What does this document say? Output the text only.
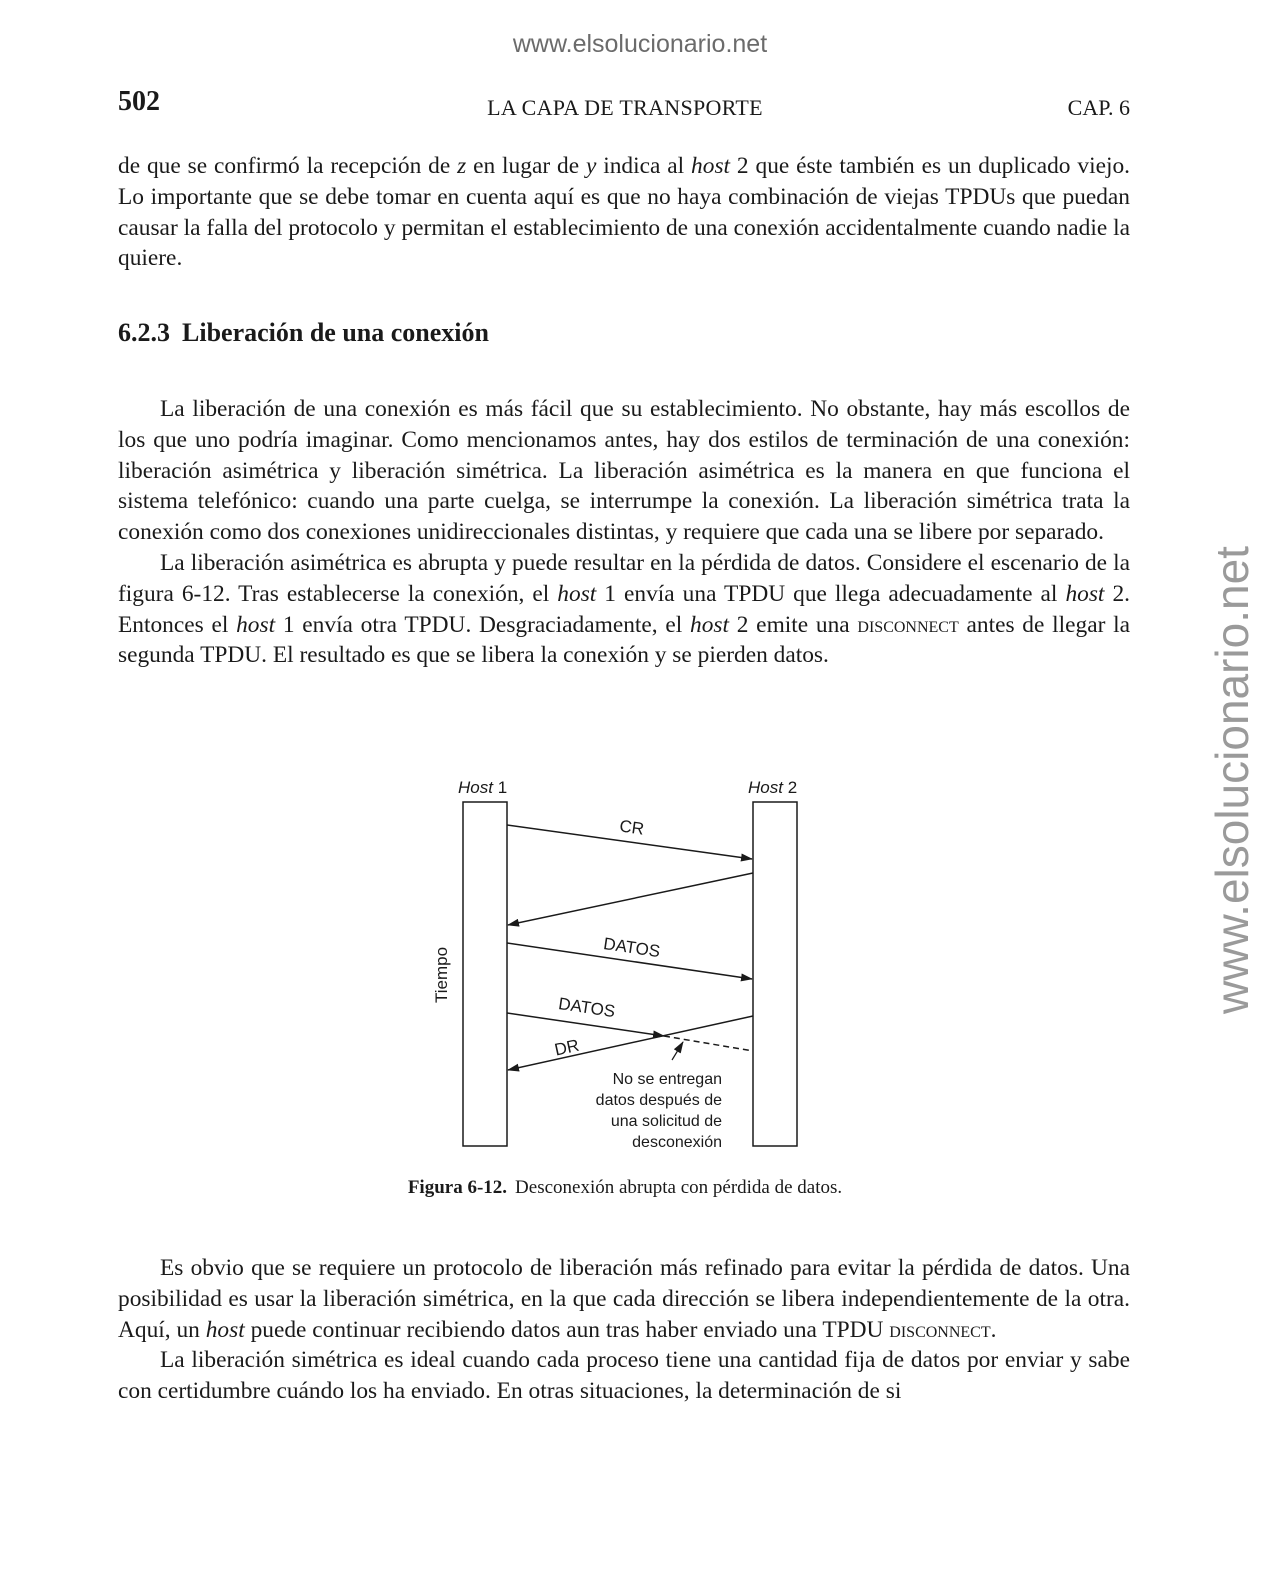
www.elsolucionario.net
www.elsolucionario.net
502	LA CAPA DE TRANSPORTE	CAP. 6

de que se confirmó la recepción de z en lugar de y indica al host 2 que éste también es un duplicado viejo. Lo importante que se debe tomar en cuenta aquí es que no haya combinación de viejas TPDUs que puedan causar la falla del protocolo y permitan el establecimiento de una conexión accidentalmente cuando nadie la quiere.

6.2.3 Liberación de una conexión

La liberación de una conexión es más fácil que su establecimiento. No obstante, hay más escollos de los que uno podría imaginar. Como mencionamos antes, hay dos estilos de terminación de una conexión: liberación asimétrica y liberación simétrica. La liberación asimétrica es la manera en que funciona el sistema telefónico: cuando una parte cuelga, se interrumpe la conexión. La liberación simétrica trata la conexión como dos conexiones unidireccionales distintas, y requiere que cada una se libere por separado.

La liberación asimétrica es abrupta y puede resultar en la pérdida de datos. Considere el escenario de la figura 6-12. Tras establecerse la conexión, el host 1 envía una TPDU que llega adecuadamente al host 2. Entonces el host 1 envía otra TPDU. Desgraciadamente, el host 2 emite una disconnect antes de llegar la segunda TPDU. El resultado es que se libera la conexión y se pierden datos.

Host 1	Host 2
Tiempo
CR
DATOS
DATOS
DR
No se entregan
datos después de
una solicitud de
desconexión
Figura 6-12. Desconexión abrupta con pérdida de datos.

Es obvio que se requiere un protocolo de liberación más refinado para evitar la pérdida de datos. Una posibilidad es usar la liberación simétrica, en la que cada dirección se libera independientemente de la otra. Aquí, un host puede continuar recibiendo datos aun tras haber enviado una TPDU disconnect.

La liberación simétrica es ideal cuando cada proceso tiene una cantidad fija de datos por enviar y sabe con certidumbre cuándo los ha enviado. En otras situaciones, la determinación de si
